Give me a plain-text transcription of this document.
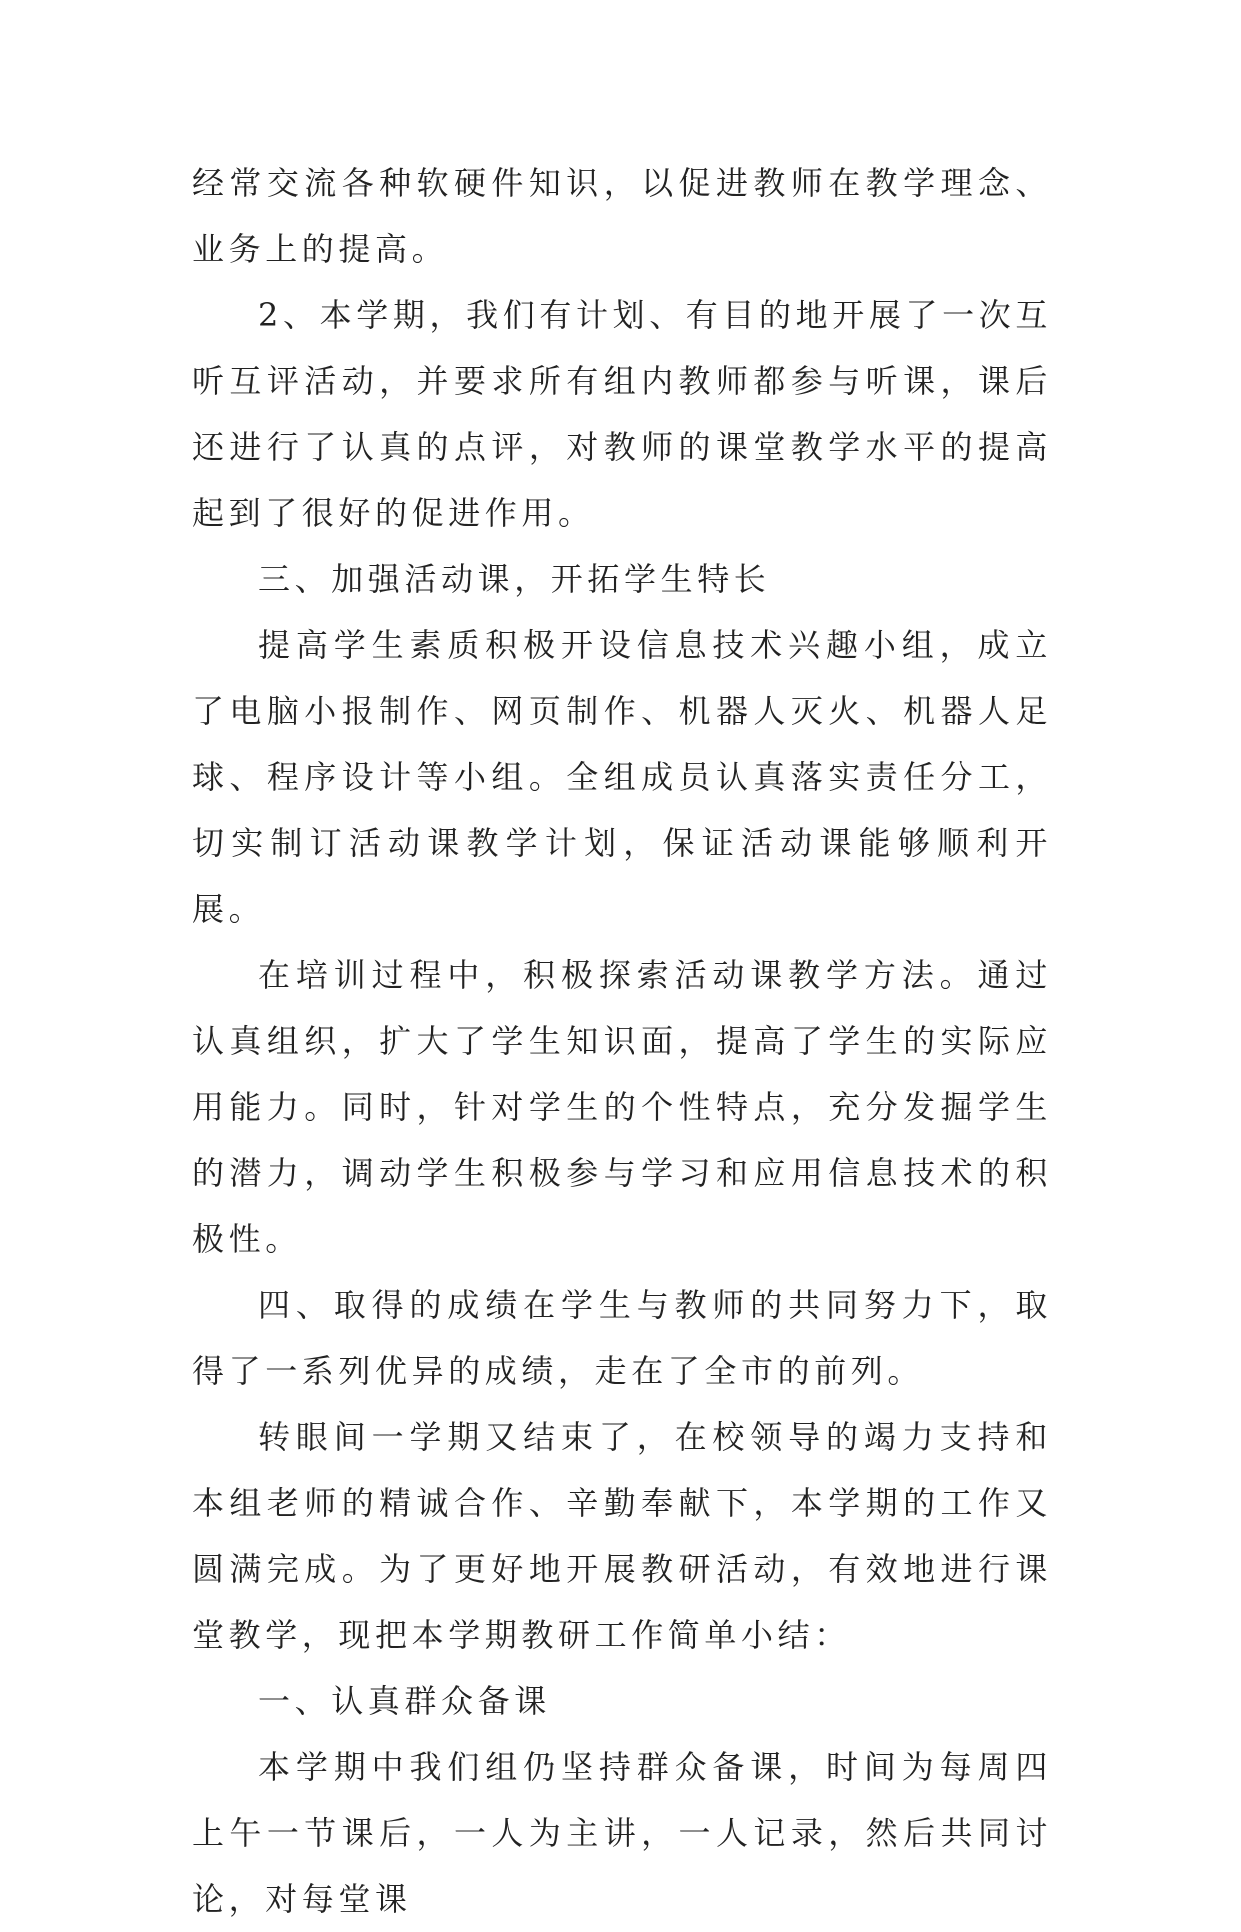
经常交流各种软硬件知识，以促进教师在教学理念、业务上的提高。

2、本学期，我们有计划、有目的地开展了一次互听互评活动，并要求所有组内教师都参与听课，课后还进行了认真的点评，对教师的课堂教学水平的提高起到了很好的促进作用。

三、加强活动课，开拓学生特长

提高学生素质积极开设信息技术兴趣小组，成立了电脑小报制作、网页制作、机器人灭火、机器人足球、程序设计等小组。全组成员认真落实责任分工，切实制订活动课教学计划，保证活动课能够顺利开展。

在培训过程中，积极探索活动课教学方法。通过认真组织，扩大了学生知识面，提高了学生的实际应用能力。同时，针对学生的个性特点，充分发掘学生的潜力，调动学生积极参与学习和应用信息技术的积极性。

四、取得的成绩在学生与教师的共同努力下，取得了一系列优异的成绩，走在了全市的前列。

转眼间一学期又结束了，在校领导的竭力支持和本组老师的精诚合作、辛勤奉献下，本学期的工作又圆满完成。为了更好地开展教研活动，有效地进行课堂教学，现把本学期教研工作简单小结：

一、认真群众备课

本学期中我们组仍坚持群众备课，时间为每周四上午一节课后，一人为主讲，一人记录，然后共同讨论，对每堂课
